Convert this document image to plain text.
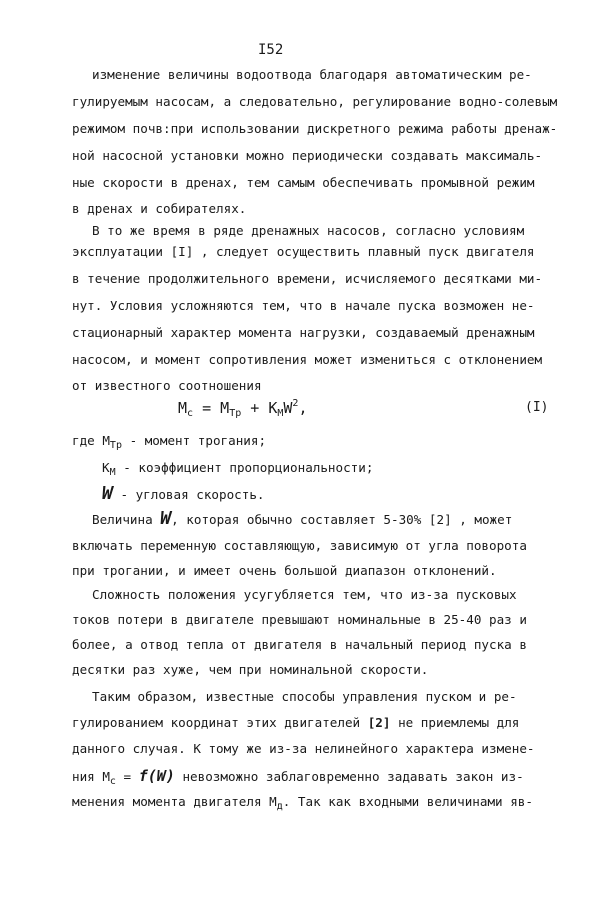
I52
изменение величины водоотвода благодаря автоматическим ре-
гулируемым насосам, а следовательно, регулирование водно-солевым
режимом почв:при использовании дискретного режима работы дренаж-
ной насосной установки можно периодически создавать максималь-
ные скорости в дренах, тем самым обеспечивать промывной режим
в дренах и собирателях.
В то же время в ряде дренажных насосов, согласно условиям
эксплуатации [I] , следует осуществить плавный пуск двигателя
в течение продолжительного времени, исчисляемого десятками ми-
нут. Условия усложняются тем, что в начале пуска возможен не-
стационарный характер момента нагрузки, создаваемый дренажным
насосом, и момент сопротивления может измениться с отклонением
от известного соотношения
$М_с = М_{Тр} + К_МW^2$,	(I)
где $М_{Тр}$ - момент трогания;
$К_М$ - коэффициент пропорциональности;
W - угловая скорость.
Величина W, которая обычно составляет 5-30% [2] , может
включать переменную составляющую, зависимую от угла поворота
при трогании, и имеет очень большой диапазон отклонений.
Сложность положения усугубляется тем, что из-за пусковых
токов потери в двигателе превышают номинальные в 25-40 раз и
более, а отвод тепла от двигателя в начальный период пуска в
десятки раз хуже, чем при номинальной скорости.
Таким образом, известные способы управления пуском и ре-
гулированием координат этих двигателей [2] не приемлемы для
данного случая. К тому же из-за нелинейного характера измене-
ния $М_с = f(W)$ невозможно заблаговременно задавать закон из-
менения момента двигателя $М_д$. Так как входными величинами яв-
